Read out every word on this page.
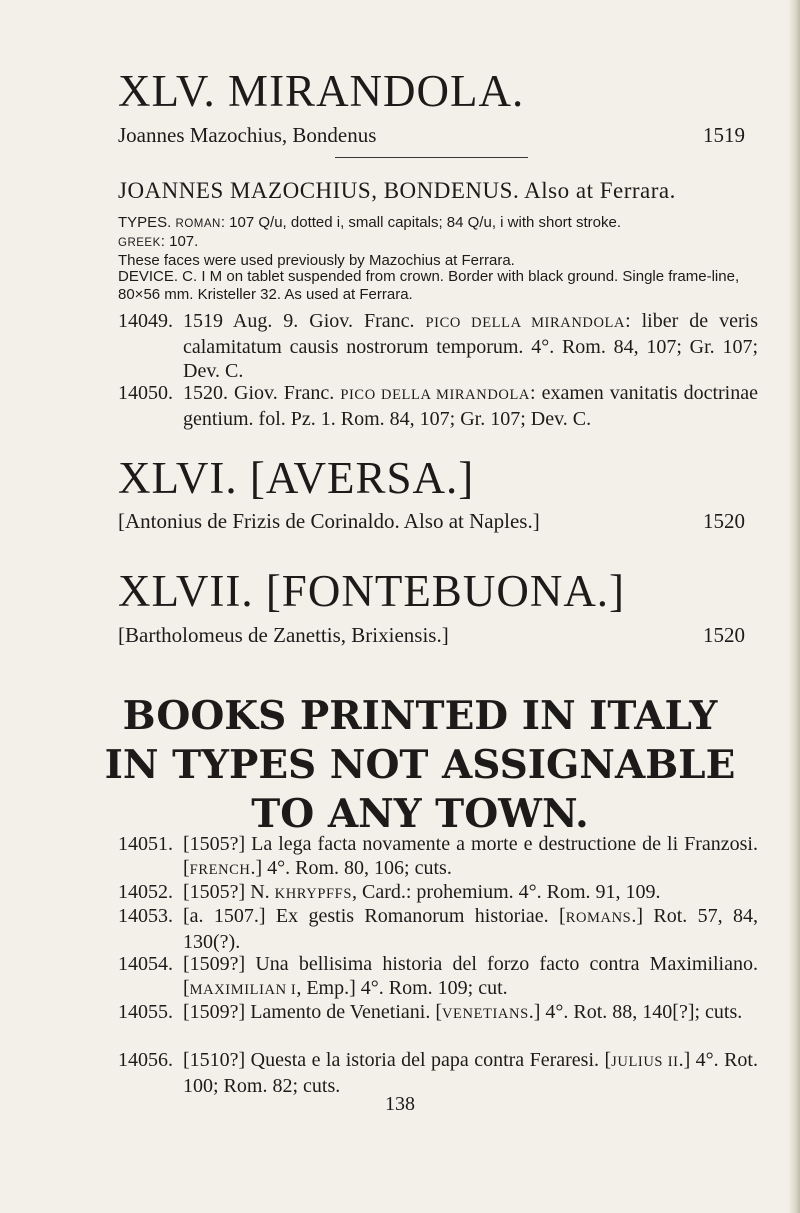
XLV. MIRANDOLA.
Joannes Mazochius, Bondenus	1519
JOANNES MAZOCHIUS, BONDENUS. Also at Ferrara.
TYPES. ROMAN: 107 Q/u, dotted i, small capitals; 84 Q/u, i with short stroke.
GREEK: 107.
These faces were used previously by Mazochius at Ferrara.
DEVICE. C. I M on tablet suspended from crown. Border with black ground. Single frame-line, 80×56 mm. Kristeller 32. As used at Ferrara.
14049. 1519 Aug. 9. Giov. Franc. PICO DELLA MIRANDOLA: liber de veris calamitatum causis nostrorum temporum. 4°. Rom. 84, 107; Gr. 107; Dev. C.
14050. 1520. Giov. Franc. PICO DELLA MIRANDOLA: examen vanitatis doctrinae gentium. fol. Pz. 1. Rom. 84, 107; Gr. 107; Dev. C.
XLVI. [AVERSA.]
[Antonius de Frizis de Corinaldo. Also at Naples.]	1520
XLVII. [FONTEBUONA.]
[Bartholomeus de Zanettis, Brixiensis.]	1520
BOOKS PRINTED IN ITALY IN TYPES NOT ASSIGNABLE TO ANY TOWN.
14051. [1505?] La lega facta novamente a morte e destructione de li Franzosi. [FRENCH.] 4°. Rom. 80, 106; cuts.
14052. [1505?] N. KHRYPFFS, Card.: prohemium. 4°. Rom. 91, 109.
14053. [a. 1507.] Ex gestis Romanorum historiae. [ROMANS.] Rot. 57, 84, 130(?).
14054. [1509?] Una bellisima historia del forzo facto contra Maximiliano. [MAXIMILIAN I, Emp.] 4°. Rom. 109; cut.
14055. [1509?] Lamento de Venetiani. [VENETIANS.] 4°. Rot. 88, 140[?]; cuts.
14056. [1510?] Questa e la istoria del papa contra Feraresi. [JULIUS II.] 4°. Rot. 100; Rom. 82; cuts.
138
